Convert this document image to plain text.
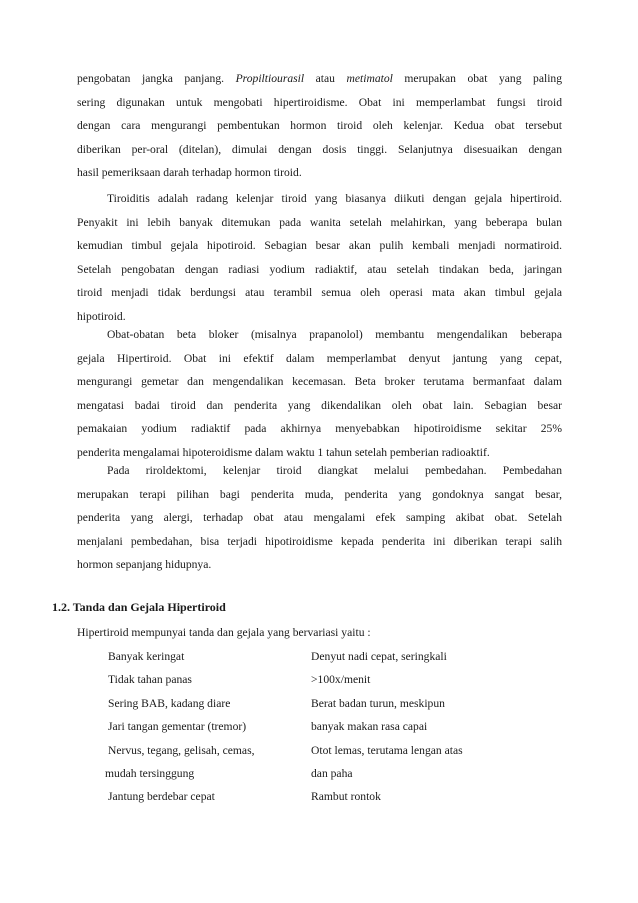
pengobatan jangka panjang. Propiltiourasil atau metimatol merupakan obat yang paling
sering digunakan untuk mengobati hipertiroidisme. Obat ini memperlambat fungsi tiroid
dengan cara mengurangi pembentukan hormon tiroid oleh kelenjar. Kedua obat tersebut
diberikan per-oral (ditelan), dimulai dengan dosis tinggi. Selanjutnya disesuaikan dengan
hasil pemeriksaan darah terhadap hormon tiroid.
Tiroiditis adalah radang kelenjar tiroid yang biasanya diikuti dengan gejala hipertiroid.
Penyakit ini lebih banyak ditemukan pada wanita setelah melahirkan, yang beberapa bulan
kemudian timbul gejala hipotiroid. Sebagian besar akan pulih kembali menjadi normatiroid.
Setelah pengobatan dengan radiasi yodium radiaktif, atau setelah tindakan beda, jaringan
tiroid menjadi tidak berdungsi atau terambil semua oleh operasi mata akan timbul gejala
hipotiroid.
Obat-obatan beta bloker (misalnya prapanolol) membantu mengendalikan beberapa
gejala Hipertiroid. Obat ini efektif dalam memperlambat denyut jantung yang cepat,
mengurangi gemetar dan mengendalikan kecemasan. Beta broker terutama bermanfaat dalam
mengatasi badai tiroid dan penderita yang dikendalikan oleh obat lain. Sebagian besar
pemakaian yodium radiaktif pada akhirnya menyebabkan hipotiroidisme sekitar 25%
penderita mengalamai hipoteroidisme dalam waktu 1 tahun setelah pemberian radioaktif.
Pada riroldektomi, kelenjar tiroid diangkat melalui pembedahan. Pembedahan
merupakan terapi pilihan bagi penderita muda, penderita yang gondoknya sangat besar,
penderita yang alergi, terhadap obat atau mengalami efek samping akibat obat. Setelah
menjalani pembedahan, bisa terjadi hipotiroidisme kepada penderita ini diberikan terapi salih
hormon sepanjang hidupnya.

1.2. Tanda dan Gejala Hipertiroid

Hipertiroid mempunyai tanda dan gejala yang bervariasi yaitu :

Banyak keringat	Denyut nadi cepat, seringkali

Tidak tahan panas	>100x/menit

Sering BAB, kadang diare	Berat badan turun, meskipun

Jari tangan gementar (tremor)	banyak makan rasa capai

Nervus, tegang, gelisah, cemas,	Otot lemas, terutama lengan atas

mudah tersinggung	dan paha

Jantung berdebar cepat	Rambut rontok
